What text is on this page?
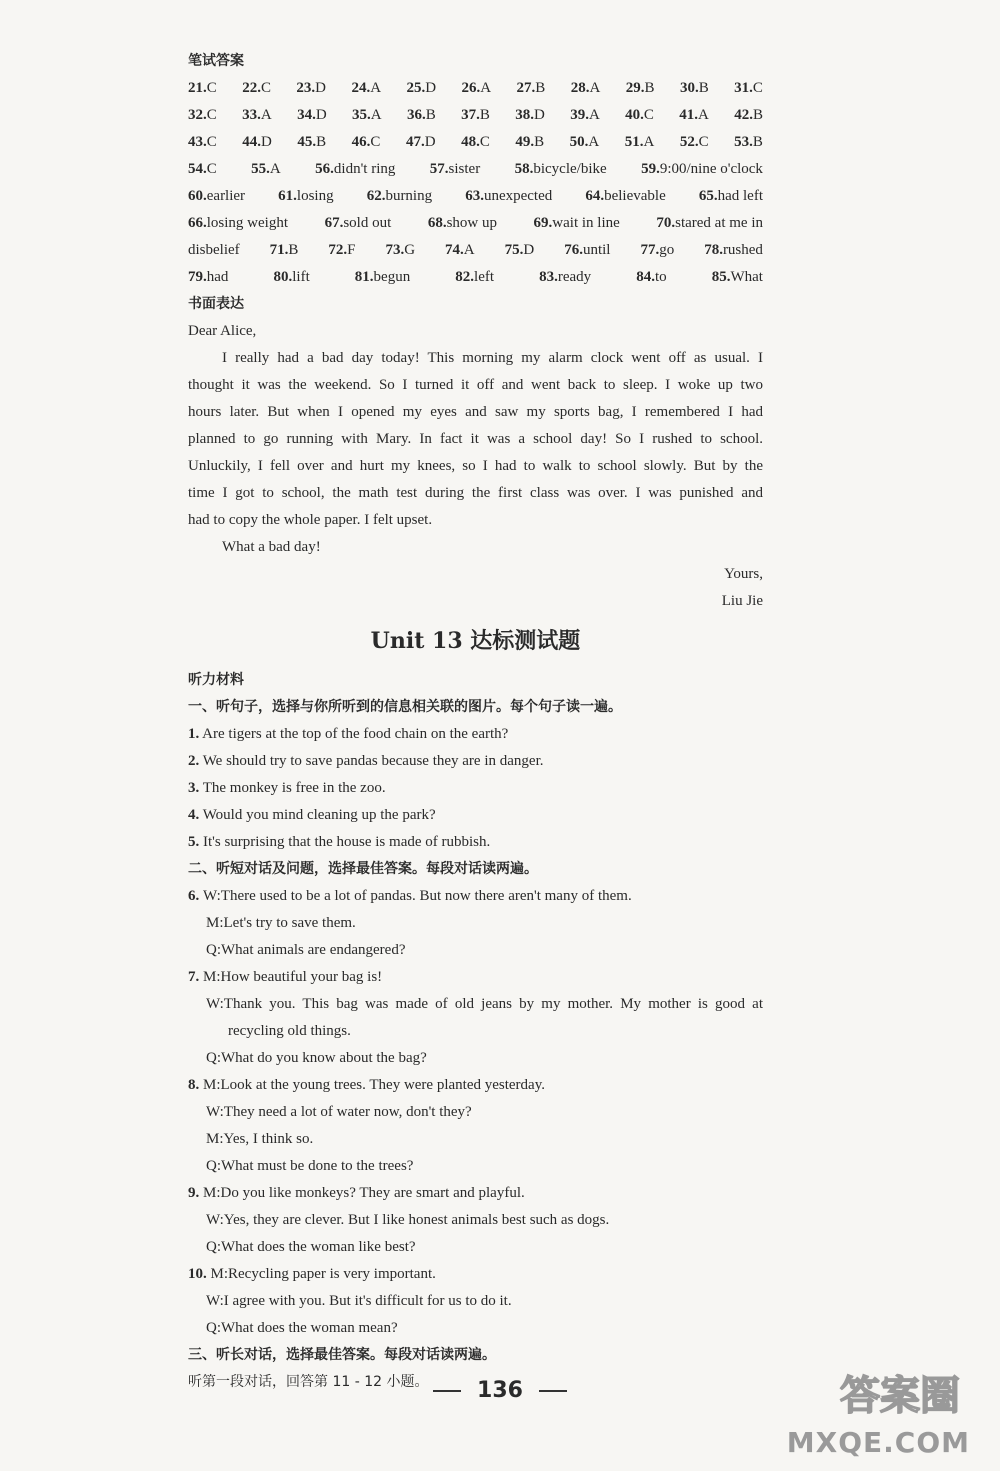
笔试答案
21.C 22.C 23.D 24.A 25.D 26.A 27.B 28.A 29.B 30.B 31.C
32.C 33.A 34.D 35.A 36.B 37.B 38.D 39.A 40.C 41.A 42.B
43.C 44.D 45.B 46.C 47.D 48.C 49.B 50.A 51.A 52.C 53.B
54.C 55.A 56.didn't ring 57.sister 58.bicycle/bike 59.9:00/nine o'clock
60.earlier 61.losing 62.burning 63.unexpected 64.believable 65.had left
66.losing weight 67.sold out 68.show up 69.wait in line 70.stared at me in
disbelief 71.B 72.F 73.G 74.A 75.D 76.until 77.go 78.rushed
79.had	80.lift	81.begun	82.left	83.ready	84.to	85.What
书面表达
Dear Alice,
I really had a bad day today! This morning my alarm clock went off as usual. I
thought it was the weekend. So I turned it off and went back to sleep. I woke up two
hours later. But when I opened my eyes and saw my sports bag, I remembered I had
planned to go running with Mary. In fact it was a school day! So I rushed to school.
Unluckily, I fell over and hurt my knees, so I had to walk to school slowly. But by the
time I got to school, the math test during the first class was over. I was punished and
had to copy the whole paper. I felt upset.
What a bad day!
Yours,
Liu Jie
Unit 13 达标测试题
听力材料
一、听句子，选择与你所听到的信息相关联的图片。每个句子读一遍。
1. Are tigers at the top of the food chain on the earth?
2. We should try to save pandas because they are in danger.
3. The monkey is free in the zoo.
4. Would you mind cleaning up the park?
5. It's surprising that the house is made of rubbish.
二、听短对话及问题，选择最佳答案。每段对话读两遍。
6. W:There used to be a lot of pandas. But now there aren't many of them.
M:Let's try to save them.
Q:What animals are endangered?
7. M:How beautiful your bag is!
W:Thank you. This bag was made of old jeans by my mother. My mother is good at
recycling old things.
Q:What do you know about the bag?
8. M:Look at the young trees. They were planted yesterday.
W:They need a lot of water now, don't they?
M:Yes, I think so.
Q:What must be done to the trees?
9. M:Do you like monkeys? They are smart and playful.
W:Yes, they are clever. But I like honest animals best such as dogs.
Q:What does the woman like best?
10. M:Recycling paper is very important.
W:I agree with you. But it's difficult for us to do it.
Q:What does the woman mean?
三、听长对话，选择最佳答案。每段对话读两遍。
听第一段对话，回答第 11 - 12 小题。	136	答案圈
MXQE.COM
